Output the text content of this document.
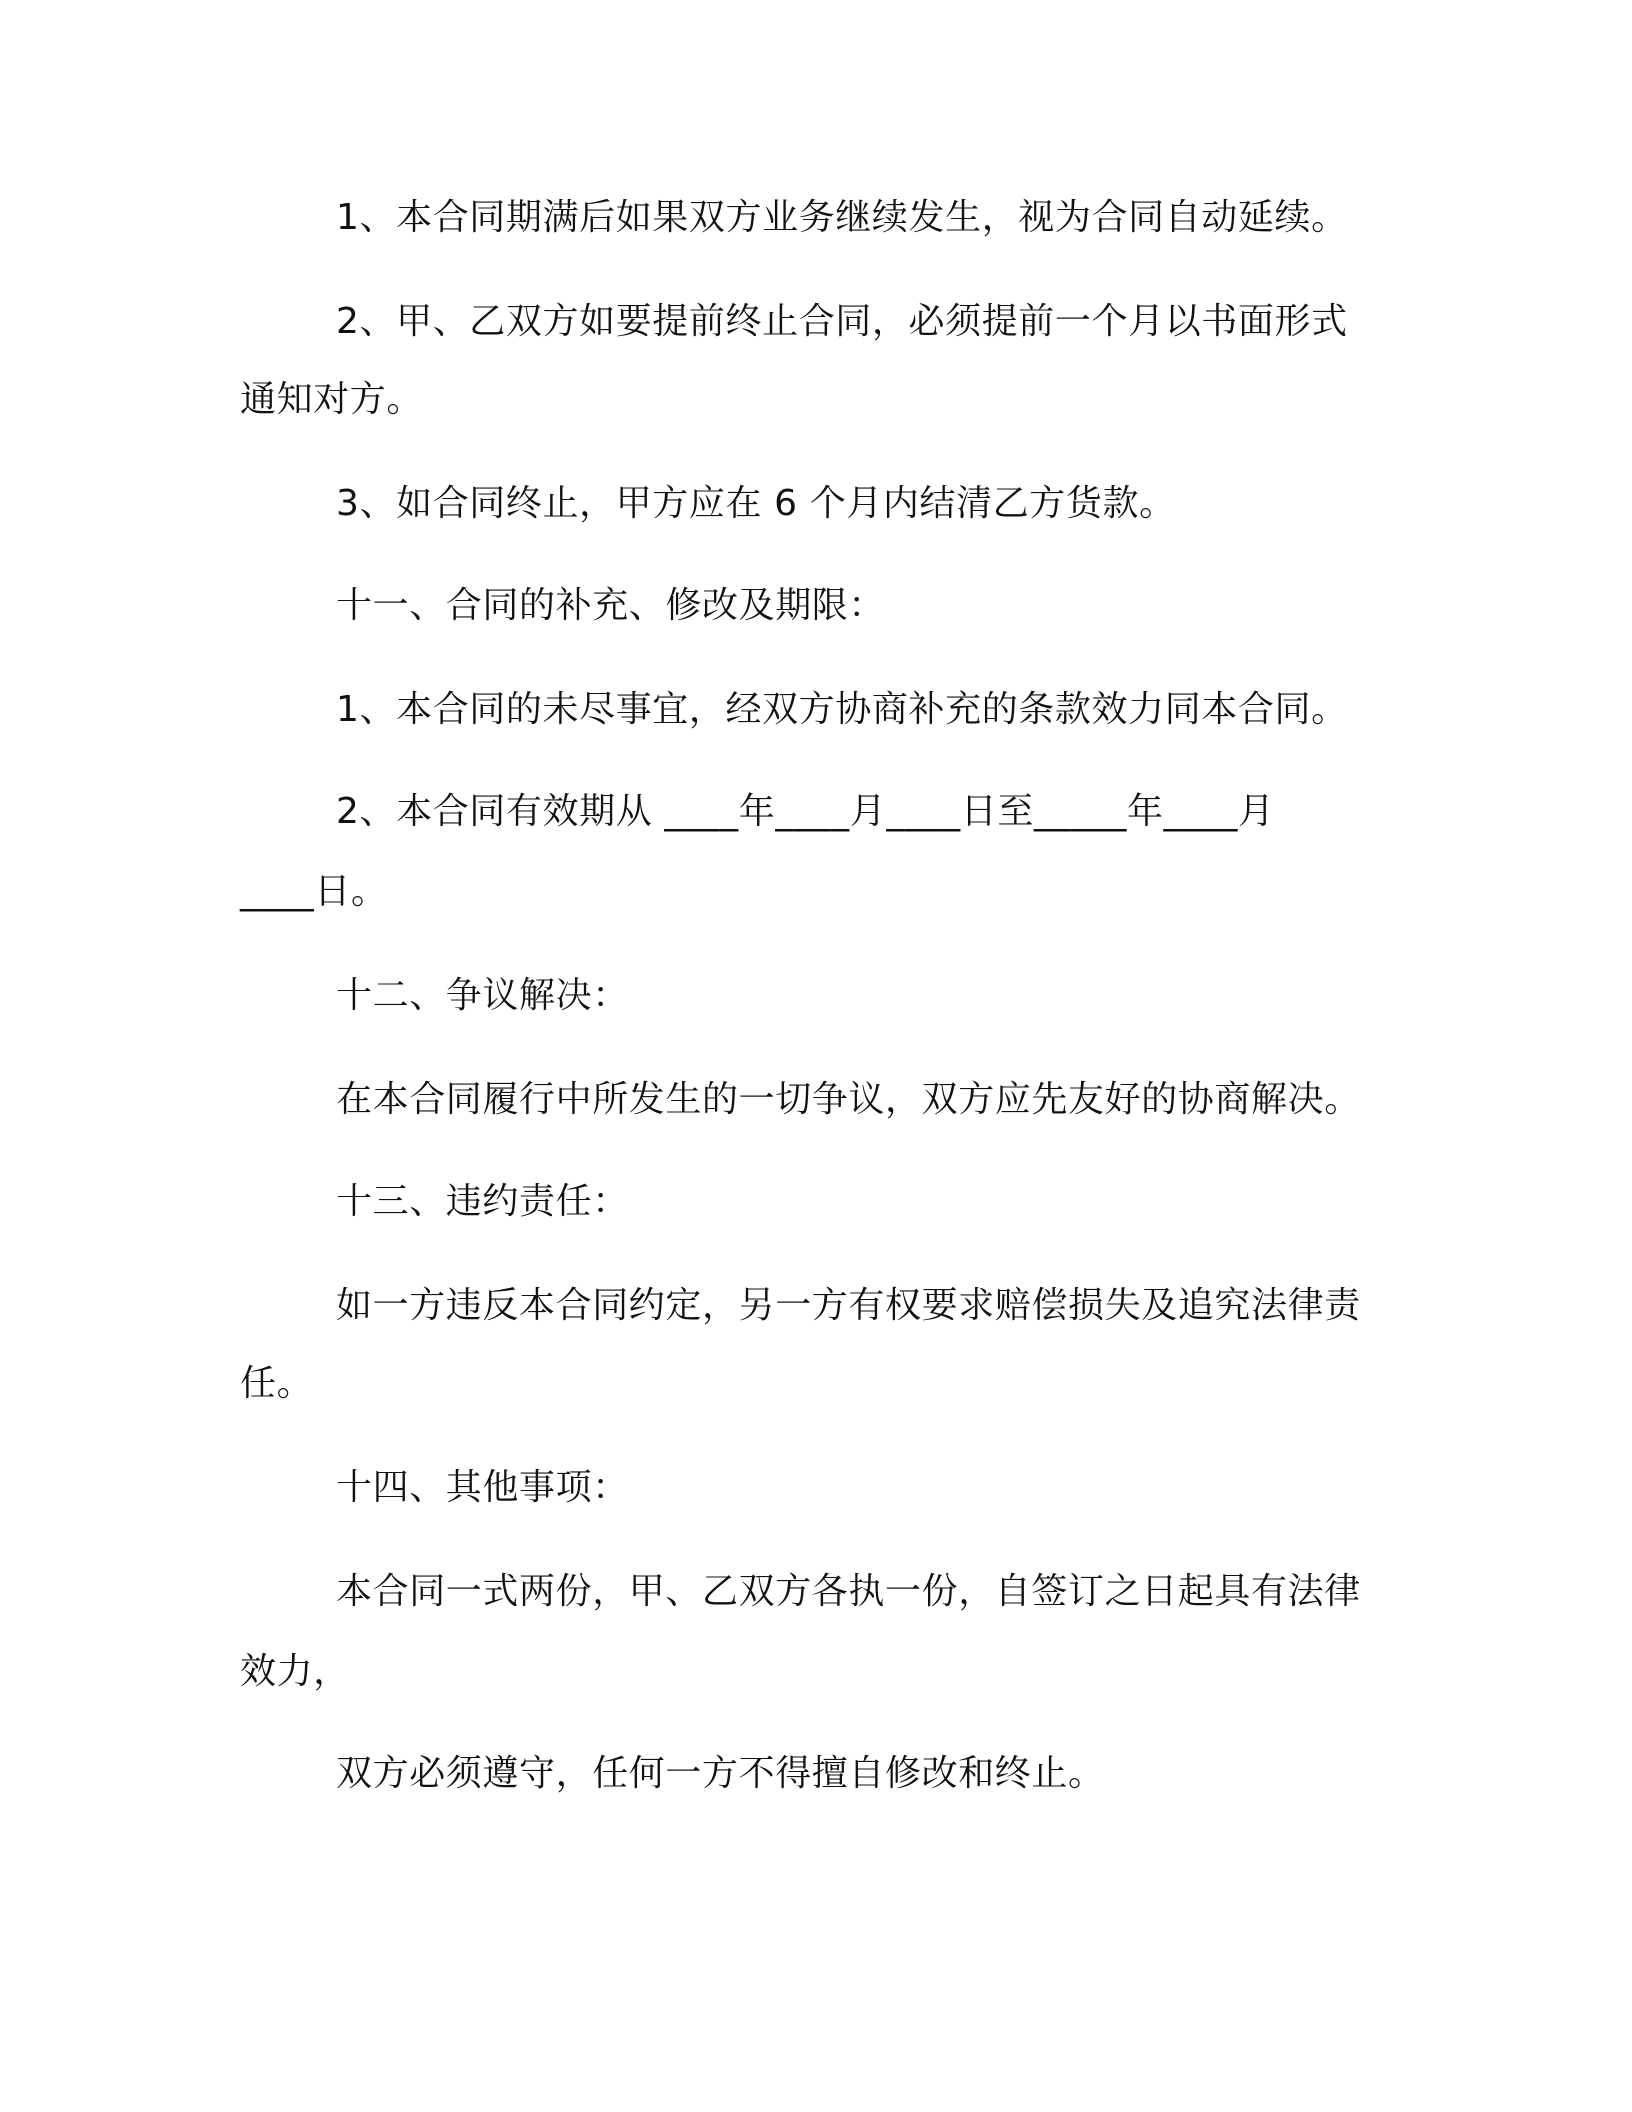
1、本合同期满后如果双方业务继续发生，视为合同自动延续。
2、甲、乙双方如要提前终止合同，必须提前一个月以书面形式
通知对方。
3、如合同终止，甲方应在 6 个月内结清乙方货款。
十一、合同的补充、修改及期限：
1、本合同的未尽事宜，经双方协商补充的条款效力同本合同。
2、本合同有效期从 ____年____月____日至_____年____月
____日。
十二、争议解决：
在本合同履行中所发生的一切争议，双方应先友好的协商解决。
十三、违约责任：
如一方违反本合同约定，另一方有权要求赔偿损失及追究法律责
任。
十四、其他事项：
本合同一式两份，甲、乙双方各执一份，自签订之日起具有法律
效力，
双方必须遵守，任何一方不得擅自修改和终止。
